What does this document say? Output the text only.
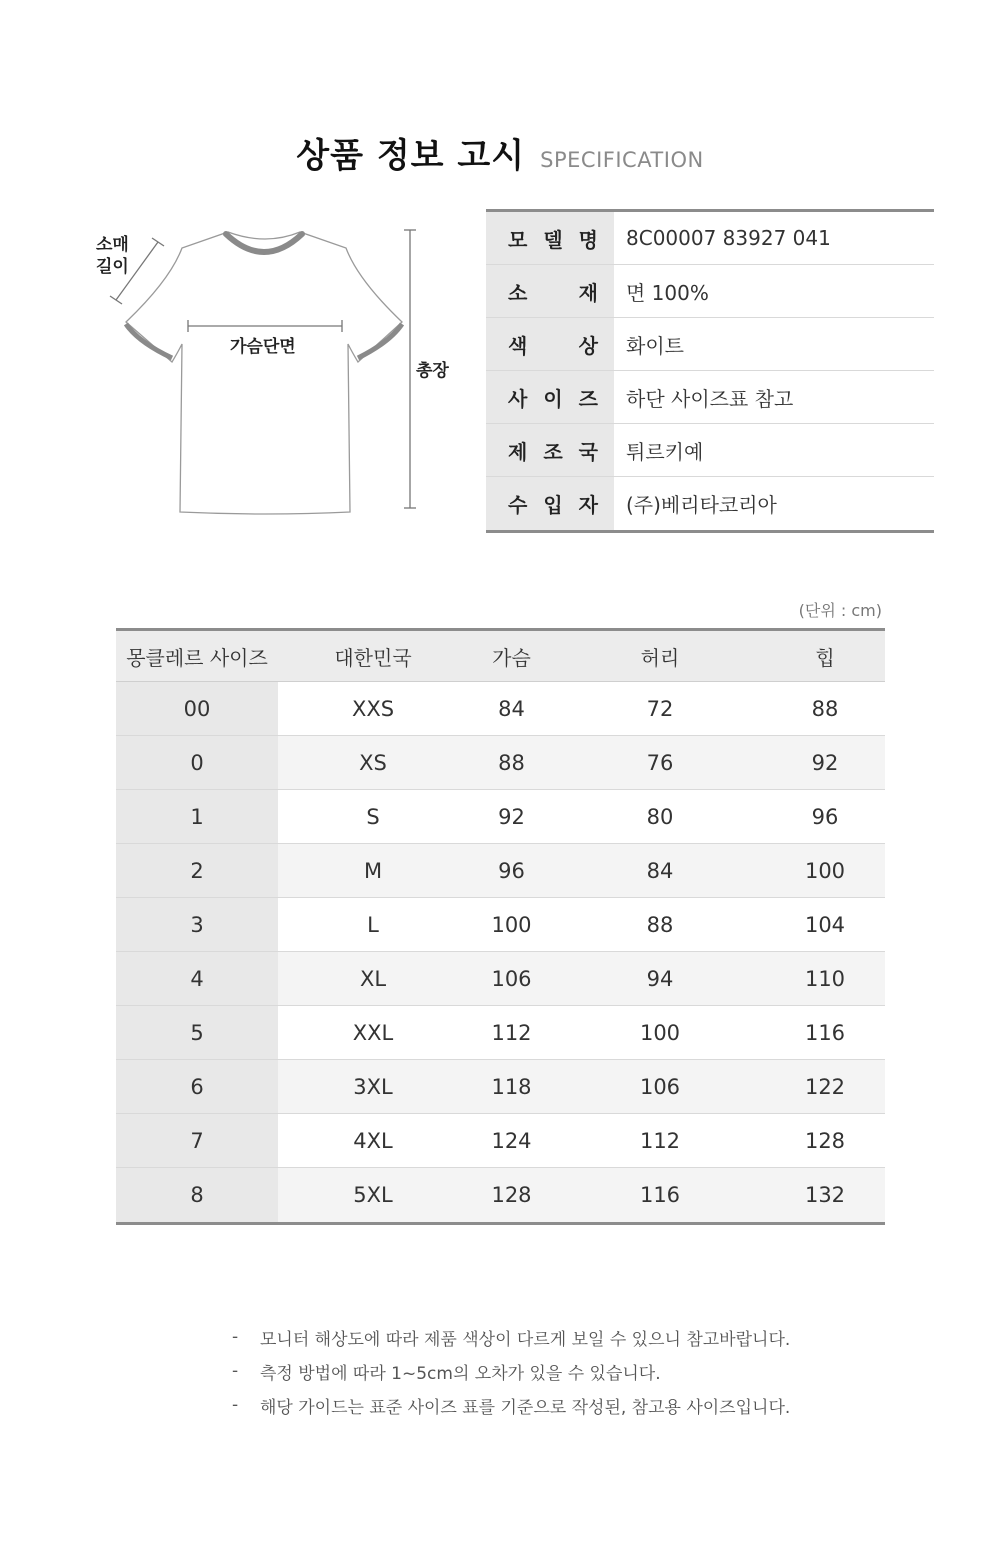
상품 정보 고시 SPECIFICATION
소매
길이
가슴단면
총장
모 델 명	8C00007 83927 041
소	재	면 100%
색	상	화이트
사 이 즈	하단 사이즈표 참고
제 조 국	튀르키예
수 입 자	(주)베리타코리아
(단위 : cm)
몽클레르 사이즈	대한민국	가슴	허리	힙
00	XXS	84	72	88
0	XS	88	76	92
1	S	92	80	96
2	M	96	84	100
3	L	100	88	104
4	XL	106	94	110
5	XXL	112	100	116
6	3XL	118	106	122
7	4XL	124	112	128
8	5XL	128	116	132
-	모니터 해상도에 따라 제품 색상이 다르게 보일 수 있으니 참고바랍니다.
-	측정 방법에 따라 1~5cm의 오차가 있을 수 있습니다.
-	해당 가이드는 표준 사이즈 표를 기준으로 작성된, 참고용 사이즈입니다.
